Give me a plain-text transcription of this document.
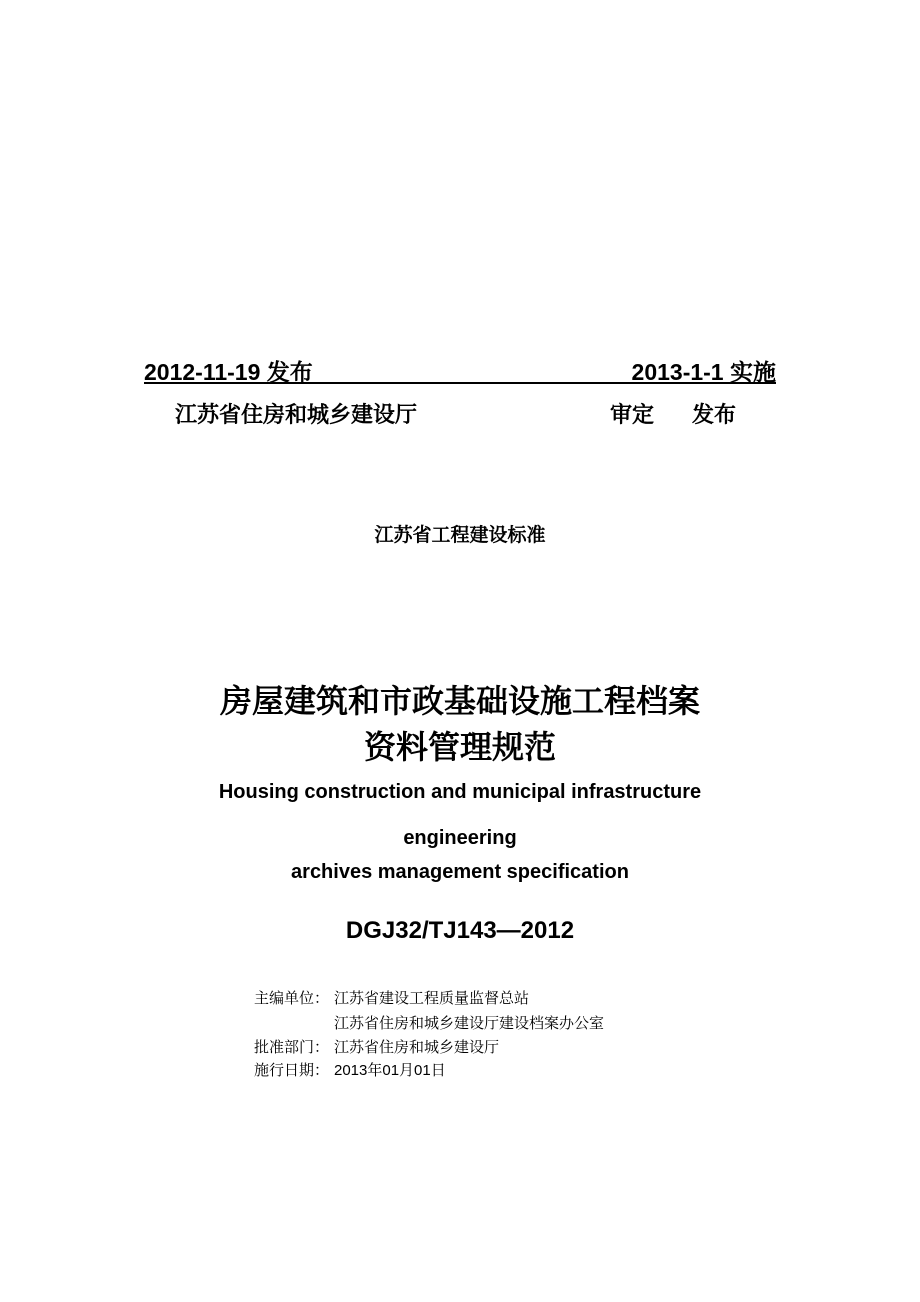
2012-11-19 发布	2013-1-1 实施
江苏省住房和城乡建设厅	审定 发布
江苏省工程建设标准
房屋建筑和市政基础设施工程档案
资料管理规范
Housing construction and municipal infrastructure
engineering
archives management specification
DGJ32/TJ143—2012
主编单位： 江苏省建设工程质量监督总站
江苏省住房和城乡建设厅建设档案办公室
批准部门： 江苏省住房和城乡建设厅
施行日期： 2013年01月01日
